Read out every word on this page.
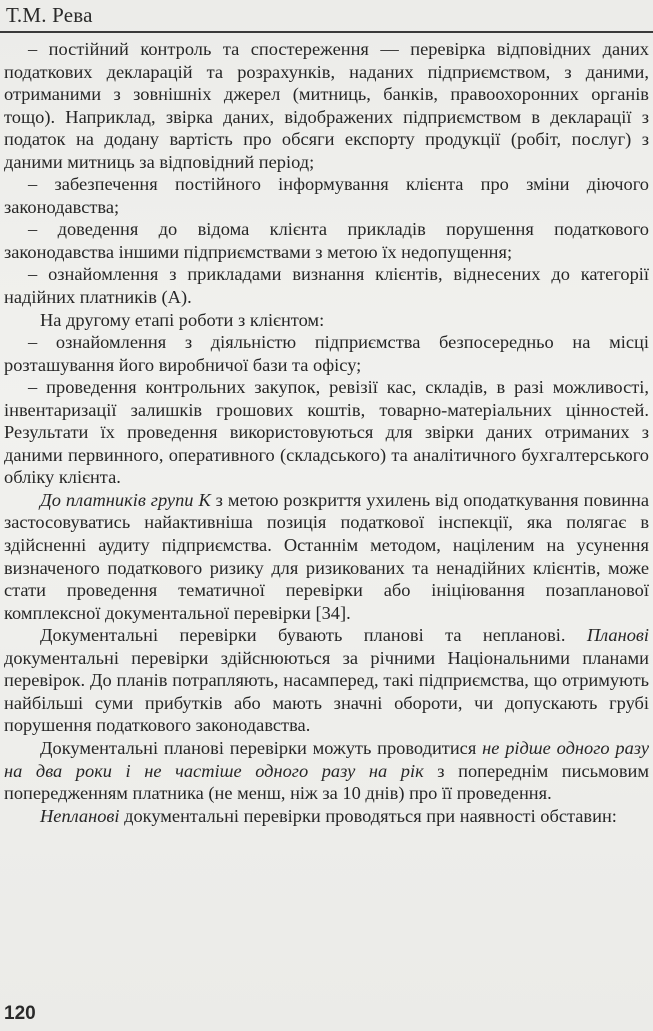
Т.М. Рева

– постійний контроль та спостереження — перевірка відповідних даних податкових декларацій та розрахунків, наданих підприємством, з даними, отриманими з зовнішніх джерел (митниць, банків, правоохоронних органів тощо). Наприклад, звірка даних, відображених підприємством в декларації з податок на додану вартість про обсяги експорту продукції (робіт, послуг) з даними митниць за відповідний період;

– забезпечення постійного інформування клієнта про зміни діючого законодавства;

– доведення до відома клієнта прикладів порушення податкового законодавства іншими підприємствами з метою їх недопущення;

– ознайомлення з прикладами визнання клієнтів, віднесених до категорії надійних платників (А).

На другому етапі роботи з клієнтом:

– ознайомлення з діяльністю підприємства безпосередньо на місці розташування його виробничої бази та офісу;

– проведення контрольних закупок, ревізії кас, складів, в разі можливості, інвентаризації залишків грошових коштів, товарно-матеріальних цінностей. Результати їх проведення використовуються для звірки даних отриманих з даними первинного, оперативного (складського) та аналітичного бухгалтерського обліку клієнта.

До платників групи К з метою розкриття ухилень від оподаткування повинна застосовуватись найактивніша позиція податкової інспекції, яка полягає в здійсненні аудиту підприємства. Останнім методом, націленим на усунення визначеного податкового ризику для ризикованих та ненадійних клієнтів, може стати проведення тематичної перевірки або ініціювання позапланової комплексної документальної перевірки [34].

Документальні перевірки бувають планові та непланові. Планові документальні перевірки здійснюються за річними Національними планами перевірок. До планів потрапляють, насамперед, такі підприємства, що отримують найбільші суми прибутків або мають значні обороти, чи допускають грубі порушення податкового законодавства.

Документальні планові перевірки можуть проводитися не рідше одного разу на два роки і не частіше одного разу на рік з попереднім письмовим попередженням платника (не менш, ніж за 10 днів) про її проведення.

Непланові документальні перевірки проводяться при наявності обставин:

120
